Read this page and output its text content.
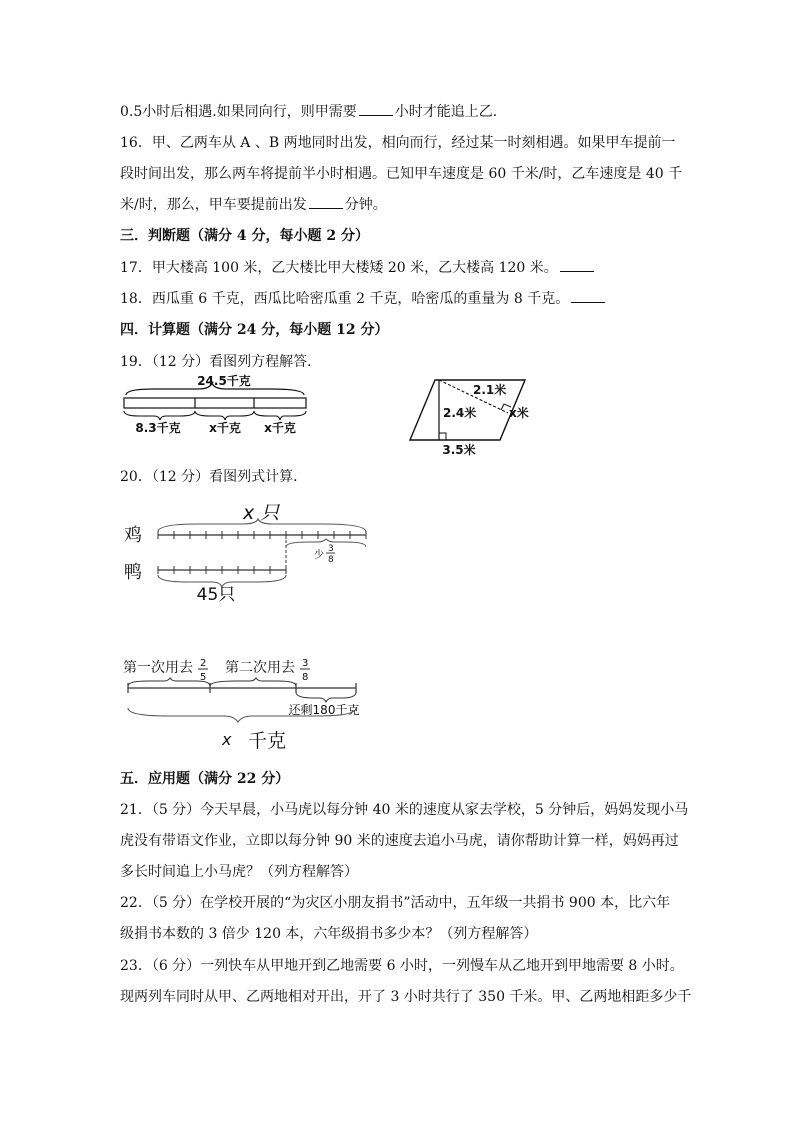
0.5小时后相遇.如果同向行，则甲需要	小时才能追上乙.
16．甲、乙两车从 A 、B 两地同时出发，相向而行，经过某一时刻相遇。如果甲车提前一
段时间出发，那么两车将提前半小时相遇。已知甲车速度是 60 千米/时，乙车速度是 40 千
米/时，那么，甲车要提前出发	分钟。
三．判断题（满分 4 分，每小题 2 分）
17．甲大楼高 100 米，乙大楼比甲大楼矮 20 米，乙大楼高 120 米。
18．西瓜重 6 千克，西瓜比哈密瓜重 2 千克，哈密瓜的重量为 8 千克。
四．计算题（满分 24 分，每小题 12 分）
19．（12 分）看图列方程解答．
24.5千克
8.3千克 x千克 x千克
2.1米
2.4米	x米
3.5米
20．（12 分）看图列式计算．
鸡
鸭
x 只
少
3
8
45只
第一次用去 2
5
第二次用去 3
8
还剩180千克
x 千克
五．应用题（满分 22 分）
21．（5 分）今天早晨，小马虎以每分钟 40 米的速度从家去学校，5 分钟后，妈妈发现小马
虎没有带语文作业，立即以每分钟 90 米的速度去追小马虎，请你帮助计算一样，妈妈再过
多长时间追上小马虎？（列方程解答）
22．（5 分）在学校开展的“为灾区小朋友捐书”活动中，五年级一共捐书 900 本，比六年
级捐书本数的 3 倍少 120 本，六年级捐书多少本？（列方程解答）
23．（6 分）一列快车从甲地开到乙地需要 6 小时，一列慢车从乙地开到甲地需要 8 小时。
现两列车同时从甲、乙两地相对开出，开了 3 小时共行了 350 千米。甲、乙两地相距多少千
